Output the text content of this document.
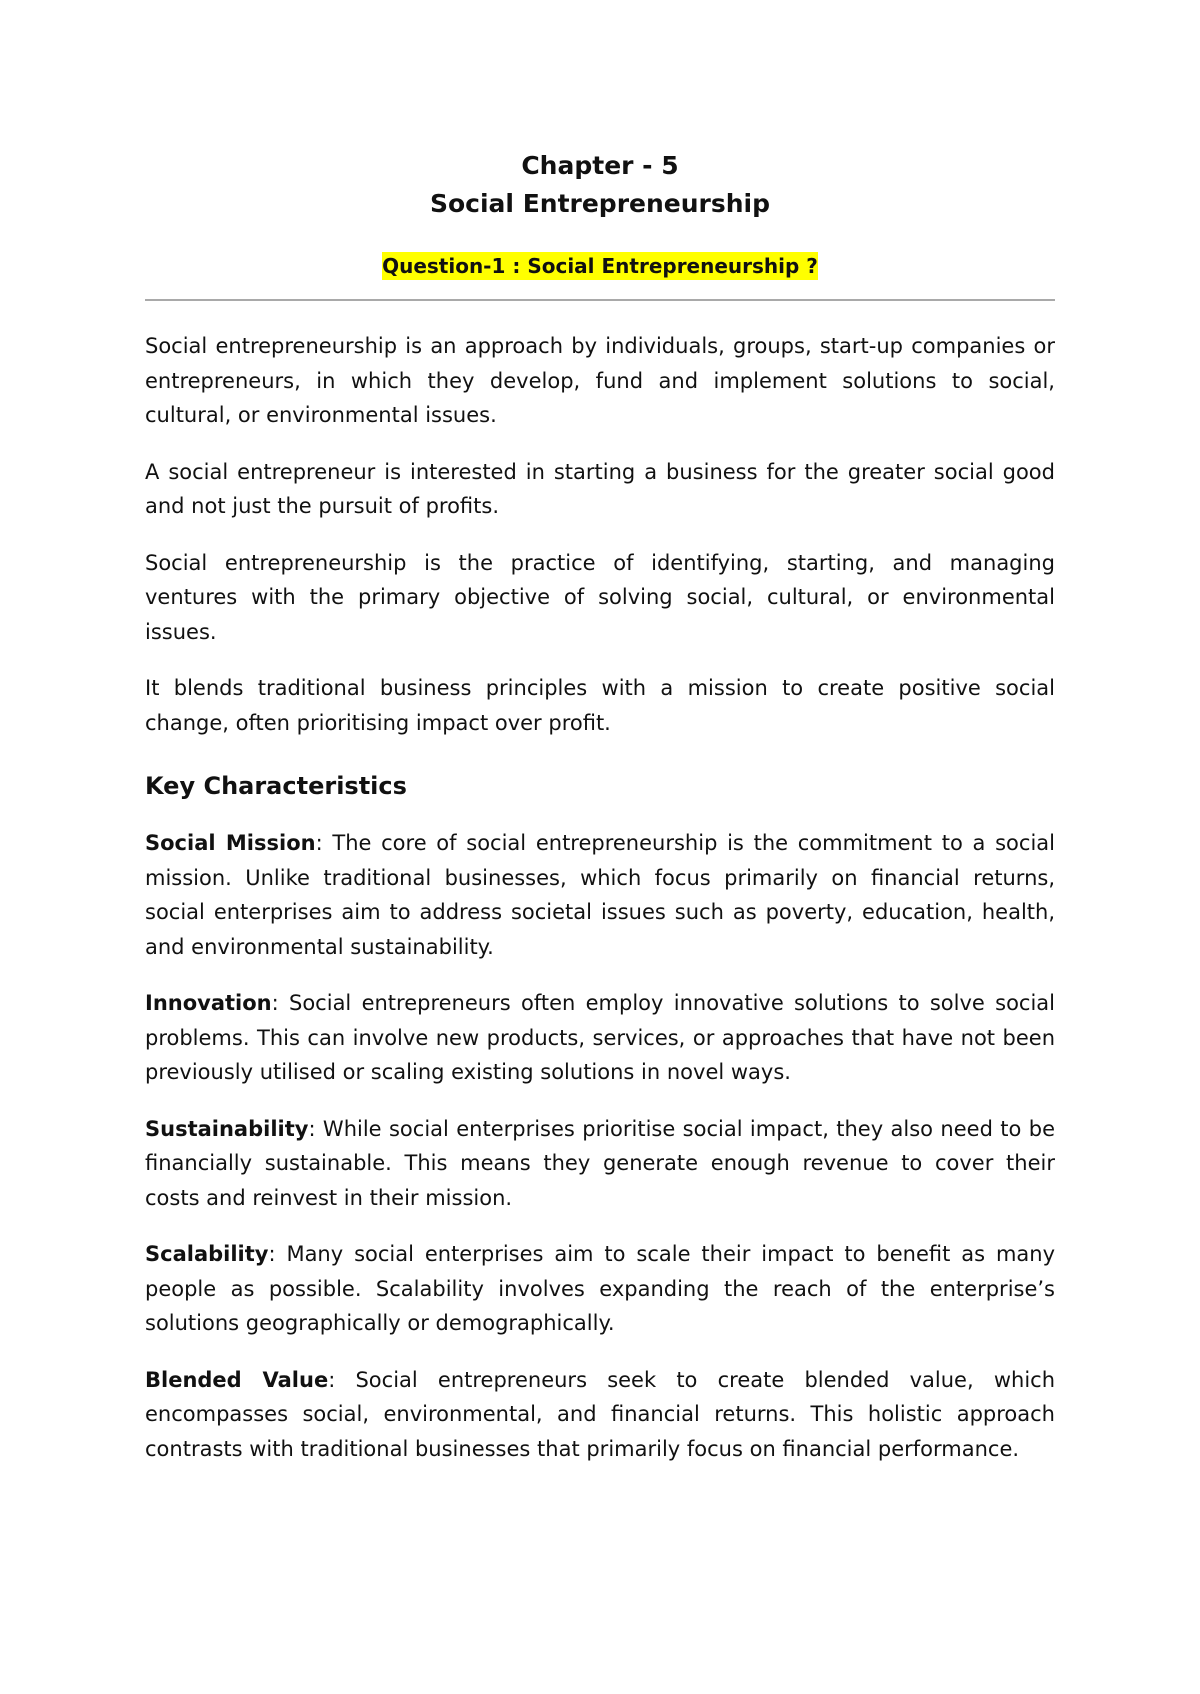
Chapter - 5
Social Entrepreneurship
Question-1 : Social Entrepreneurship ?

Social entrepreneurship is an approach by individuals, groups, start-up companies or entrepreneurs, in which they develop, fund and implement solutions to social, cultural, or environmental issues.

A social entrepreneur is interested in starting a business for the greater social good and not just the pursuit of profits.

Social entrepreneurship is the practice of identifying, starting, and managing ventures with the primary objective of solving social, cultural, or environmental issues.

It blends traditional business principles with a mission to create positive social change, often prioritising impact over profit.

Key Characteristics

Social Mission: The core of social entrepreneurship is the commitment to a social mission. Unlike traditional businesses, which focus primarily on financial returns, social enterprises aim to address societal issues such as poverty, education, health, and environmental sustainability.

Innovation: Social entrepreneurs often employ innovative solutions to solve social problems. This can involve new products, services, or approaches that have not been previously utilised or scaling existing solutions in novel ways.

Sustainability: While social enterprises prioritise social impact, they also need to be financially sustainable. This means they generate enough revenue to cover their costs and reinvest in their mission.

Scalability: Many social enterprises aim to scale their impact to benefit as many people as possible. Scalability involves expanding the reach of the enterprise’s solutions geographically or demographically.

Blended Value: Social entrepreneurs seek to create blended value, which encompasses social, environmental, and financial returns. This holistic approach contrasts with traditional businesses that primarily focus on financial performance.
